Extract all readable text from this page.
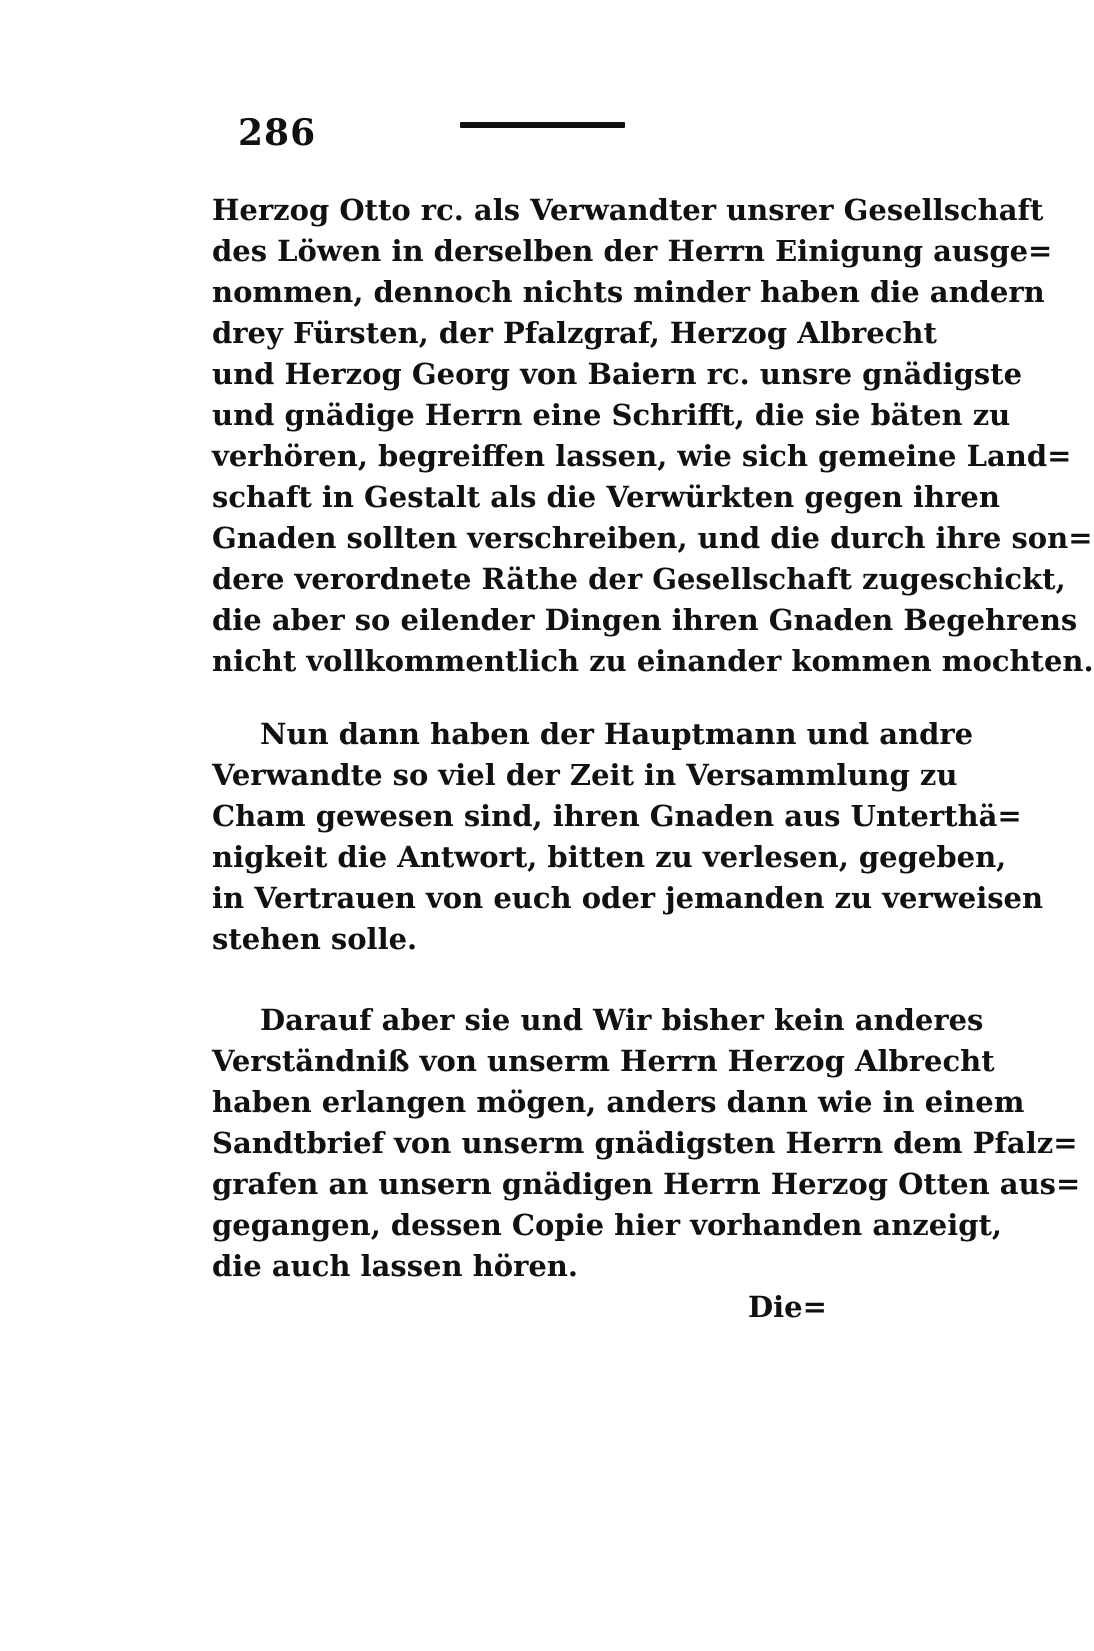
286
Herzog Otto rc. als Verwandter unsrer Gesellschaft
des Löwen in derselben der Herrn Einigung ausge=
nommen, dennoch nichts minder haben die andern
drey Fürsten, der Pfalzgraf, Herzog Albrecht
und Herzog Georg von Baiern rc. unsre gnädigste
und gnädige Herrn eine Schrifft, die sie bäten zu
verhören, begreiffen lassen, wie sich gemeine Land=
schaft in Gestalt als die Verwürkten gegen ihren
Gnaden sollten verschreiben, und die durch ihre son=
dere verordnete Räthe der Gesellschaft zugeschickt,
die aber so eilender Dingen ihren Gnaden Begehrens
nicht vollkommentlich zu einander kommen mochten.
Nun dann haben der Hauptmann und andre
Verwandte so viel der Zeit in Versammlung zu
Cham gewesen sind, ihren Gnaden aus Unterthä=
nigkeit die Antwort, bitten zu verlesen, gegeben,
in Vertrauen von euch oder jemanden zu verweisen
stehen solle.
Darauf aber sie und Wir bisher kein anderes
Verständniß von unserm Herrn Herzog Albrecht
haben erlangen mögen, anders dann wie in einem
Sandtbrief von unserm gnädigsten Herrn dem Pfalz=
grafen an unsern gnädigen Herrn Herzog Otten aus=
gegangen, dessen Copie hier vorhanden anzeigt,
die auch lassen hören.
Die=
